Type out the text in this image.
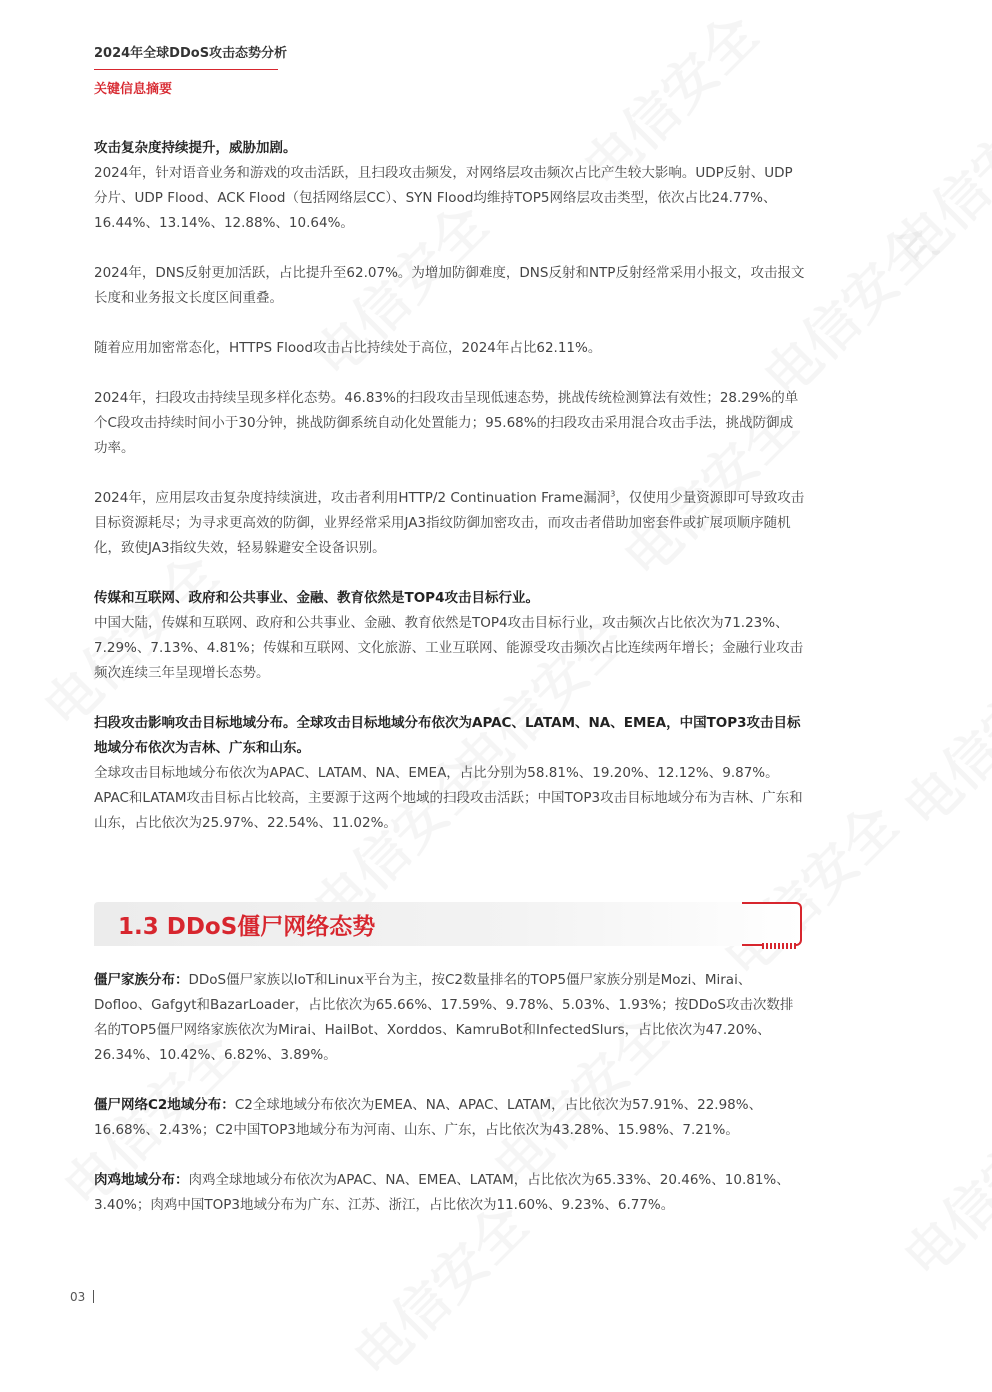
2024年全球DDoS攻击态势分析
关键信息摘要

攻击复杂度持续提升，威胁加剧。
2024年，针对语音业务和游戏的攻击活跃，且扫段攻击频发，对网络层攻击频次占比产生较大影响。UDP反射、UDP分片、UDP Flood、ACK Flood（包括网络层CC）、SYN Flood均维持TOP5网络层攻击类型，依次占比24.77%、16.44%、13.14%、12.88%、10.64%。

2024年，DNS反射更加活跃，占比提升至62.07%。为增加防御难度，DNS反射和NTP反射经常采用小报文，攻击报文长度和业务报文长度区间重叠。

随着应用加密常态化，HTTPS Flood攻击占比持续处于高位，2024年占比62.11%。

2024年，扫段攻击持续呈现多样化态势。46.83%的扫段攻击呈现低速态势，挑战传统检测算法有效性；28.29%的单个C段攻击持续时间小于30分钟，挑战防御系统自动化处置能力；95.68%的扫段攻击采用混合攻击手法，挑战防御成功率。

2024年，应用层攻击复杂度持续演进，攻击者利用HTTP/2 Continuation Frame漏洞$^3$，仅使用少量资源即可导致攻击目标资源耗尽；为寻求更高效的防御，业界经常采用JA3指纹防御加密攻击，而攻击者借助加密套件或扩展项顺序随机化，致使JA3指纹失效，轻易躲避安全设备识别。

传媒和互联网、政府和公共事业、金融、教育依然是TOP4攻击目标行业。
中国大陆，传媒和互联网、政府和公共事业、金融、教育依然是TOP4攻击目标行业，攻击频次占比依次为71.23%、7.29%、7.13%、4.81%；传媒和互联网、文化旅游、工业互联网、能源受攻击频次占比连续两年增长；金融行业攻击频次连续三年呈现增长态势。

扫段攻击影响攻击目标地域分布。全球攻击目标地域分布依次为APAC、LATAM、NA、EMEA，中国TOP3攻击目标地域分布依次为吉林、广东和山东。
全球攻击目标地域分布依次为APAC、LATAM、NA、EMEA，占比分别为58.81%、19.20%、12.12%、9.87%。APAC和LATAM攻击目标占比较高，主要源于这两个地域的扫段攻击活跃；中国TOP3攻击目标地域分布为吉林、广东和山东，占比依次为25.97%、22.54%、11.02%。

1.3 DDoS僵尸网络态势

僵尸家族分布：DDoS僵尸家族以IoT和Linux平台为主，按C2数量排名的TOP5僵尸家族分别是Mozi、Mirai、Dofloo、Gafgyt和BazarLoader，占比依次为65.66%、17.59%、9.78%、5.03%、1.93%；按DDoS攻击次数排名的TOP5僵尸网络家族依次为Mirai、HailBot、Xorddos、KamruBot和InfectedSlurs，占比依次为47.20%、26.34%、10.42%、6.82%、3.89%。

僵尸网络C2地域分布：C2全球地域分布依次为EMEA、NA、APAC、LATAM，占比依次为57.91%、22.98%、16.68%、2.43%；C2中国TOP3地域分布为河南、山东、广东，占比依次为43.28%、15.98%、7.21%。

肉鸡地域分布：肉鸡全球地域分布依次为APAC、NA、EMEA、LATAM，占比依次为65.33%、20.46%、10.81%、3.40%；肉鸡中国TOP3地域分布为广东、江苏、浙江，占比依次为11.60%、9.23%、6.77%。

03
